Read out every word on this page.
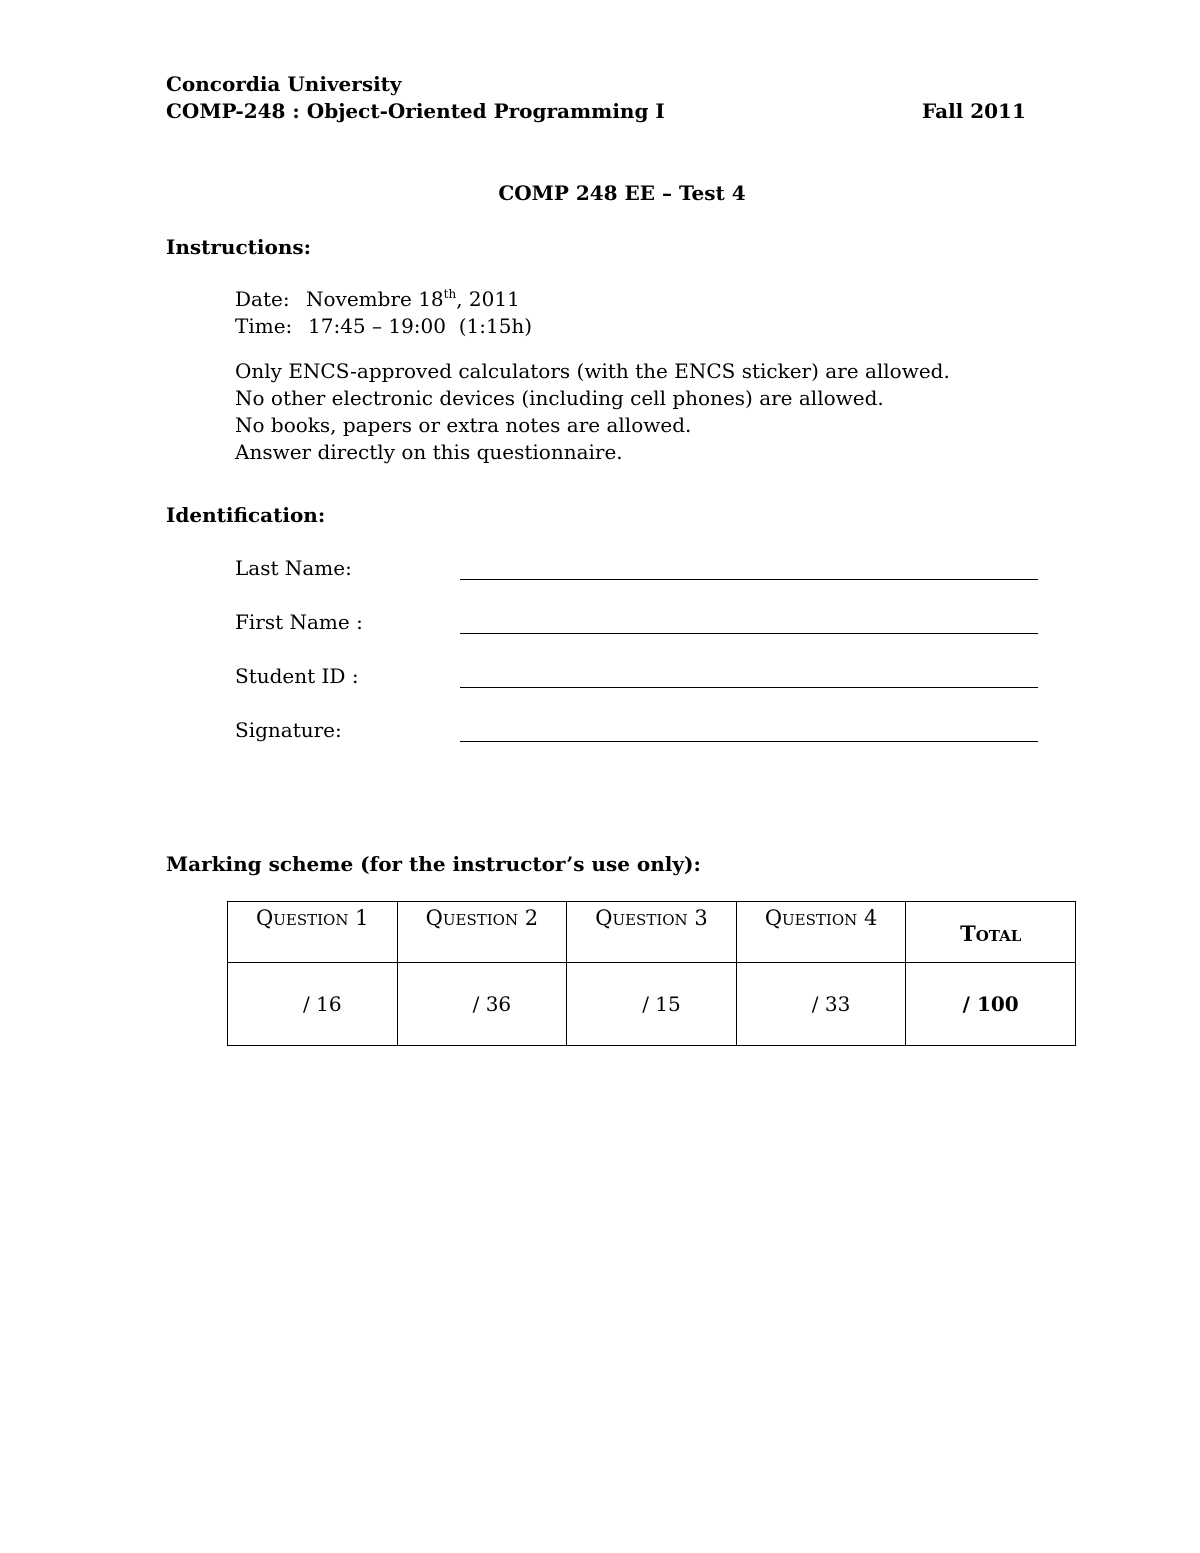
Concordia University
COMP-248 : Object-Oriented Programming I	Fall 2011
COMP 248 EE – Test 4
Instructions:
Date: Novembre 18th, 2011
Time: 17:45 – 19:00  (1:15h)
Only ENCS-approved calculators (with the ENCS sticker) are allowed.
No other electronic devices (including cell phones) are allowed.
No books, papers or extra notes are allowed.
Answer directly on this questionnaire.
Identification:
Last Name:
First Name :
Student ID :
Signature:
Marking scheme (for the instructor’s use only):
Question 1	Question 2	Question 3	Question 4	Total

/ 16	/ 36	/ 15	/ 33	/ 100
